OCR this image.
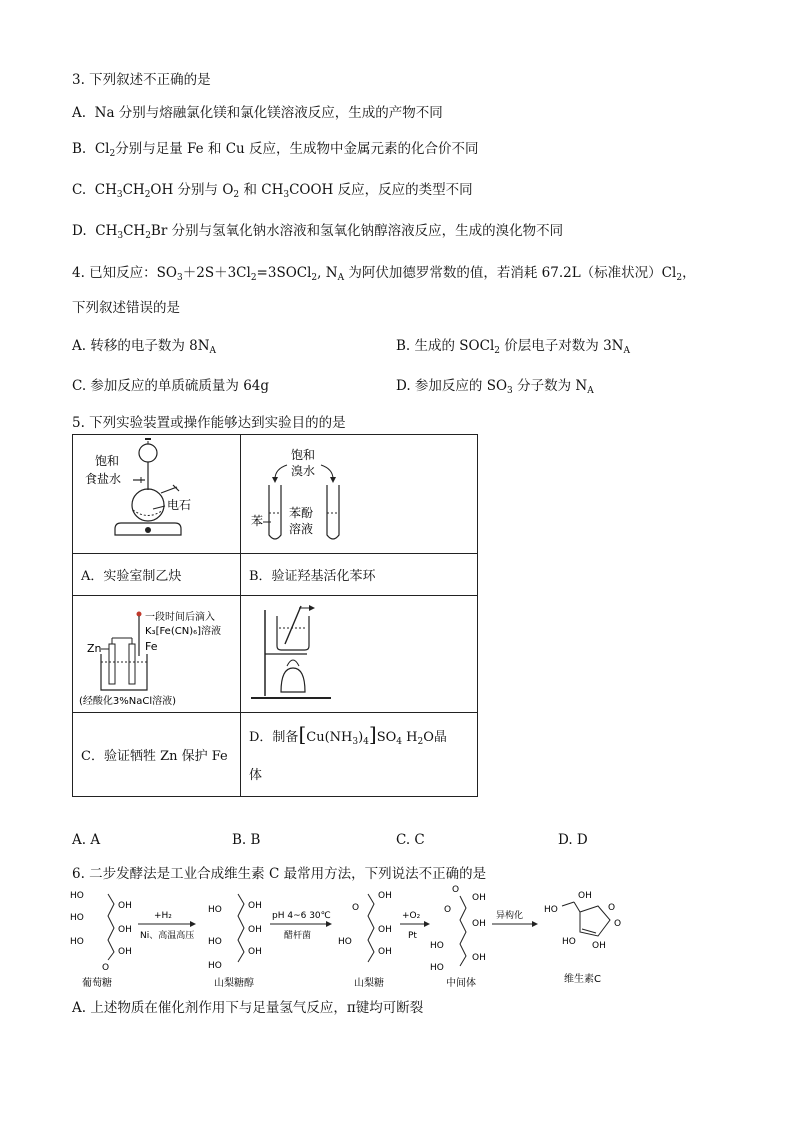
3. 下列叙述不正确的是
A. Na 分别与熔融氯化镁和氯化镁溶液反应，生成的产物不同
B. $Cl_2$分别与足量 Fe 和 Cu 反应，生成物中金属元素的化合价不同
C. $CH_3CH_2OH$ 分别与 $O_2$ 和 $CH_3COOH$ 反应，反应的类型不同
D. $CH_3CH_2Br$ 分别与氢氧化钠水溶液和氢氧化钠醇溶液反应，生成的溴化物不同
4. 已知反应：$SO_3+2S+3Cl_2=3SOCl_2$, $N_A$ 为阿伏加德罗常数的值，若消耗 67.2L（标准状况）$Cl_2$，
下列叙述错误的是
A. 转移的电子数为 $8N_A$	B. 生成的 SOCl$_2$ 价层电子对数为 $3N_A$
C. 参加反应的单质硫质量为 64g	D. 参加反应的 $SO_3$ 分子数为 $N_A$
5. 下列实验装置或操作能够达到实验目的的是
饱和
食盐水
电石	饱和
溴水
苯
苯酚
溶液

A．实验室制乙炔	B．验证羟基活化苯环

一段时间后滴入
K₃[Fe(CN)₆]溶液
Zn Fe
(经酸化3%NaCl溶液)

C．验证牺牲 Zn 保护 Fe	D．制备$[Cu(NH_3)_4]SO_4$ $H_2O$晶
体
A. A	B. B	C. C	D. D
6. 二步发酵法是工业合成维生素 C 最常用方法，下列说法不正确的是
HO
OH
HO
OH
HO
OH
O
葡萄糖
+H₂
Ni、高温高压
HO	OH
OH
HO
OH
HO
山梨糖醇
pH 4~6 30℃
醋杆菌
OH
O
OH
HO
OH
山梨糖
+O₂
Pt
O
OH
O
OH
HO
OH
HO
中间体
异构化
HO
OH
O
O
HO OH
维生素C
A. 上述物质在催化剂作用下与足量氢气反应，π键均可断裂
